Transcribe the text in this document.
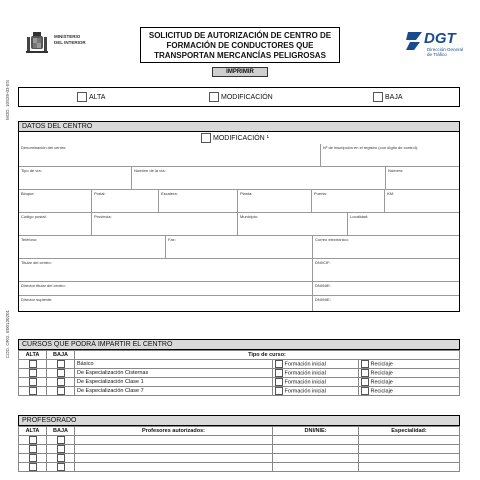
MINISTERIO
DEL INTERIOR
SOLICITUD DE AUTORIZACIÓN DE CENTRO DE
FORMACIÓN DE CONDUCTORES QUE
TRANSPORTAN MERCANCÍAS PELIGROSAS
DGT
Dirección General
de Tráfico
IMPRIMIR
MOD. 10S39-03-ES
COD. ORG. E00130201
ALTA	MODIFICACIÓN	BAJA
DATOS DEL CENTRO
MODIFICACIÓN ¹
Denominación del centro:	Nº de inscripción en el registro (con dígito de control):
Tipo de vía:	Nombre de la vía:	Número:
Bloque:	Portal:	Escalera:	Planta:	Puerta:	KM:
Código postal:	Provincia:	Municipio:	Localidad:
Teléfono:	Fax:	Correo electrónico:
Titular del centro:	DNI/CIF:
Director titular del centro:	DNI/NIE:
Director suplente:	DNI/NIE:
CURSOS QUE PODRÁ IMPARTIR EL CENTRO
ALTA	BAJA	Tipo de curso:		
		Básico	Formación inicial	Reciclaje
		De Especialización Cisternas	Formación inicial	Reciclaje
		De Especialización Clase 1	Formación inicial	Reciclaje
		De Especialización Clase 7	Formación inicial	Reciclaje
PROFESORADO
ALTA	BAJA	Profesores autorizados:	DNI/NIE:	Especialidad:
